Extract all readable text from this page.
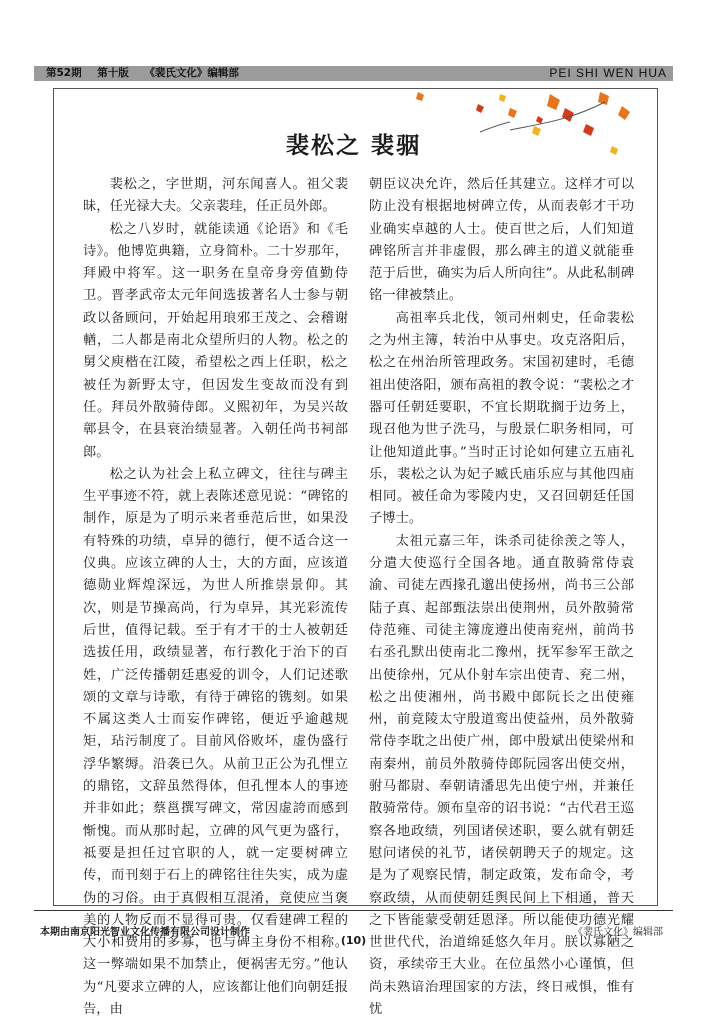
第52期 第十版 《裴氏文化》编辑部	PEI SHI WEN HUA
裴松之 裴骃

裴松之，字世期，河东闻喜人。祖父裴昧，任光禄大夫。父亲裴珪，任正员外郎。

松之八岁时，就能读通《论语》和《毛诗》。他博览典籍，立身简朴。二十岁那年，拜殿中将军。这一职务在皇帝身旁值勤侍卫。晋孝武帝太元年间选拔著名人士参与朝政以备顾问，开始起用琅邪王茂之、会稽谢輶，二人都是南北众望所归的人物。松之的舅父庾楷在江陵，希望松之西上任职，松之被任为新野太守，但因发生变故而没有到任。拜员外散骑侍郎。义熙初年，为吴兴故鄣县令，在县衰治绩显著。入朝任尚书祠部郎。

松之认为社会上私立碑文，往往与碑主生平事迹不符，就上表陈述意见说：“碑铭的制作，原是为了明示来者垂范后世，如果没有特殊的功绩，卓异的德行，便不适合这一仪典。应该立碑的人士，大的方面，应该道德勋业辉煌深远，为世人所推崇景仰。其次，则是节操高尚，行为卓异，其光彩流传后世，值得记载。至于有才干的士人被朝廷选拔任用，政绩显著，布行教化于治下的百姓，广泛传播朝廷惠爱的训令，人们记述歌颂的文章与诗歌，有待于碑铭的镌刻。如果不属这类人士而妄作碑铭，便近乎逾越规矩，玷污制度了。目前风俗败坏，虚伪盛行浮华繁缛。沿袭已久。从前卫正公为孔悝立的鼎铭，文辞虽然得体，但孔悝本人的事迹并非如此；蔡邕撰写碑文，常因虚誇而感到惭愧。而从那时起，立碑的风气更为盛行，祗要是担任过官职的人，就一定要树碑立传，而刊刻于石上的碑铭往往失实，成为虚伪的习俗。由于真假相互混淆，竟使应当褒美的人物反而不显得可贵。仅看建碑工程的大小和费用的多寡，也与碑主身份不相称。这一弊端如果不加禁止，便祸害无穷。”他认为“凡要求立碑的人，应该都让他们向朝廷报告，由

朝臣议决允许，然后任其建立。这样才可以防止没有根据地树碑立传，从而表彰才干功业确实卓越的人士。使百世之后，人们知道碑铭所言并非虚假，那么碑主的道义就能垂范于后世，确实为后人所向往”。从此私制碑铭一律被禁止。

高祖率兵北伐，领司州刺史，任命裴松之为州主簿，转治中从事史。攻克洛阳后，松之在州治所管理政务。宋国初建时，毛德祖出使洛阳，颁布高祖的教令说：“裴松之才器可任朝廷要职，不宜长期耽搁于边务上，现召他为世子洗马，与殷景仁职务相同，可让他知道此事。”当时正讨论如何建立五庙礼乐，裴松之认为妃子臧氏庙乐应与其他四庙相同。被任命为零陵内史，又召回朝廷任国子博士。

太祖元嘉三年，诛杀司徒徐羡之等人，分遣大使巡行全国各地。通直散骑常侍袁渝、司徒左西掾孔邈出使扬州，尚书三公部陆子真、起部甄法崇出使荆州，员外散骑常侍范雍、司徒主簿庞遵出使南兖州，前尚书右丞孔默出使南北二豫州，抚军参军王歆之出使徐州，冗从仆射车宗出使青、兖二州，松之出使湘州，尚书殿中郎阮长之出使雍州，前竟陵太守殷道鸾出使益州，员外散骑常侍李耽之出使广州，郎中殷斌出使梁州和南秦州，前员外散骑侍郎阮园客出使交州，驸马都尉、奉朝请潘思先出使宁州，并兼任散骑常侍。颁布皇帝的诏书说：“古代君王巡察各地政绩，列国诸侯述职，要么就有朝廷慰问诸侯的礼节，诸侯朝聘天子的规定。这是为了观察民情，制定政策，发布命令，考察政绩，从而使朝廷舆民间上下相通，普天之下皆能蒙受朝廷恩泽。所以能使功德光耀世世代代，治道绵延悠久年月。朕以寡陋之资，承续帝王大业。在位虽然小心谨慎，但尚未熟谙治理国家的方法，终日戒惧，惟有忧

本期由南京阳光智业文化传播有限公司设计制作	《裴氏文化》编辑部
(10)
